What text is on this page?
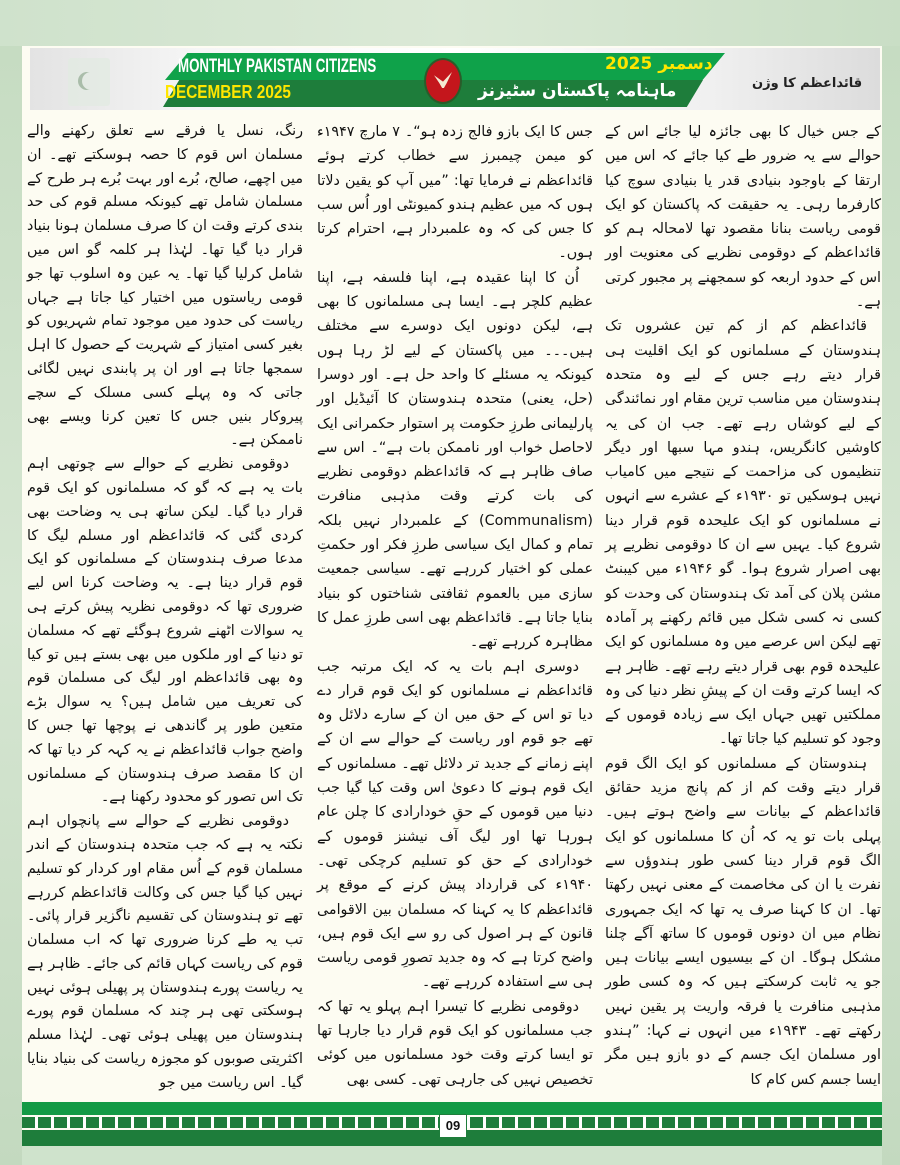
MONTHLY PAKISTAN CITIZENS
DECEMBER 2025
دسمبر 2025
ماہنامہ پاکستان سٹیزنز	قائداعظم کا وژن

کے جس خیال کا بھی جائزہ لیا جائے اس کے حوالے سے یہ ضرور طے کیا جائے کہ اس میں ارتقا کے باوجود بنیادی قدر یا بنیادی سوچ کیا کارفرما رہی۔ یہ حقیقت کہ پاکستان کو ایک قومی ریاست بنانا مقصود تھا لامحالہ ہم کو قائداعظم کے دوقومی نظریے کی معنویت اور اس کے حدود اربعہ کو سمجھنے پر مجبور کرتی ہے۔

قائداعظم کم از کم تین عشروں تک ہندوستان کے مسلمانوں کو ایک اقلیت ہی قرار دیتے رہے جس کے لیے وہ متحدہ ہندوستان میں مناسب ترین مقام اور نمائندگی کے لیے کوشاں رہے تھے۔ جب ان کی یہ کاوشیں کانگریس، ہندو مہا سبھا اور دیگر تنظیموں کی مزاحمت کے نتیجے میں کامیاب نہیں ہوسکیں تو ۱۹۳۰ء کے عشرے سے انہوں نے مسلمانوں کو ایک علیحدہ قوم قرار دینا شروع کیا۔ یہیں سے ان کا دوقومی نظریے پر بھی اصرار شروع ہوا۔ گو ۱۹۴۶ء میں کیبنٹ مشن پلان کی آمد تک ہندوستان کی وحدت کو کسی نہ کسی شکل میں قائم رکھنے پر آمادہ تھے لیکن اس عرصے میں وہ مسلمانوں کو ایک علیحدہ قوم بھی قرار دیتے رہے تھے۔ ظاہر ہے کہ ایسا کرتے وقت ان کے پیشِ نظر دنیا کی وہ مملکتیں تھیں جہاں ایک سے زیادہ قوموں کے وجود کو تسلیم کیا جاتا تھا۔

ہندوستان کے مسلمانوں کو ایک الگ قوم قرار دیتے وقت کم از کم پانچ مزید حقائق قائداعظم کے بیانات سے واضح ہوتے ہیں۔ پہلی بات تو یہ کہ اُن کا مسلمانوں کو ایک الگ قوم قرار دینا کسی طور ہندوؤں سے نفرت یا ان کی مخاصمت کے معنی نہیں رکھتا تھا۔ ان کا کہنا صرف یہ تھا کہ ایک جمہوری نظام میں ان دونوں قوموں کا ساتھ آگے چلنا مشکل ہوگا۔ ان کے بیسیوں ایسے بیانات ہیں جو یہ ثابت کرسکتے ہیں کہ وہ کسی طور مذہبی منافرت یا فرقہ واریت پر یقین نہیں رکھتے تھے۔ ۱۹۴۳ء میں انہوں نے کہا: ”ہندو اور مسلمان ایک جسم کے دو بازو ہیں مگر ایسا جسم کس کام کا

جس کا ایک بازو فالج زدہ ہو“۔ ۷ مارچ ۱۹۴۷ء کو میمن چیمبرز سے خطاب کرتے ہوئے قائداعظم نے فرمایا تھا: ”میں آپ کو یقین دلاتا ہوں کہ میں عظیم ہندو کمیونٹی اور اُس سب کا جس کی کہ وہ علمبردار ہے، احترام کرتا ہوں۔

اُن کا اپنا عقیدہ ہے، اپنا فلسفہ ہے، اپنا عظیم کلچر ہے۔ ایسا ہی مسلمانوں کا بھی ہے، لیکن دونوں ایک دوسرے سے مختلف ہیں۔۔۔ میں پاکستان کے لیے لڑ رہا ہوں کیونکہ یہ مسئلے کا واحد حل ہے۔ اور دوسرا (حل، یعنی) متحدہ ہندوستان کا آئیڈیل اور پارلیمانی طرزِ حکومت پر استوار حکمرانی ایک لاحاصل خواب اور ناممکن بات ہے“۔ اس سے صاف ظاہر ہے کہ قائداعظم دوقومی نظریے کی بات کرتے وقت مذہبی منافرت (Communalism) کے علمبردار نہیں بلکہ تمام و کمال ایک سیاسی طرزِ فکر اور حکمتِ عملی کو اختیار کررہے تھے۔ سیاسی جمعیت سازی میں بالعموم ثقافتی شناختوں کو بنیاد بنایا جاتا ہے۔ قائداعظم بھی اسی طرزِ عمل کا مظاہرہ کررہے تھے۔

دوسری اہم بات یہ کہ ایک مرتبہ جب قائداعظم نے مسلمانوں کو ایک قوم قرار دے دیا تو اس کے حق میں ان کے سارے دلائل وہ تھے جو قوم اور ریاست کے حوالے سے ان کے اپنے زمانے کے جدید تر دلائل تھے۔ مسلمانوں کے ایک قوم ہونے کا دعویٰ اس وقت کیا گیا جب دنیا میں قوموں کے حقِ خودارادی کا چلن عام ہورہا تھا اور لیگ آف نیشنز قوموں کے خودارادی کے حق کو تسلیم کرچکی تھی۔ ۱۹۴۰ء کی قرارداد پیش کرنے کے موقع پر قائداعظم کا یہ کہنا کہ مسلمان بین الاقوامی قانون کے ہر اصول کی رو سے ایک قوم ہیں، واضح کرتا ہے کہ وہ جدید تصورِ قومی ریاست ہی سے استفادہ کررہے تھے۔

دوقومی نظریے کا تیسرا اہم پہلو یہ تھا کہ جب مسلمانوں کو ایک قوم قرار دیا جارہا تھا تو ایسا کرتے وقت خود مسلمانوں میں کوئی تخصیص نہیں کی جارہی تھی۔ کسی بھی

رنگ، نسل یا فرقے سے تعلق رکھنے والے مسلمان اس قوم کا حصہ ہوسکتے تھے۔ ان میں اچھے، صالح، بُرے اور بہت بُرے ہر طرح کے مسلمان شامل تھے کیونکہ مسلم قوم کی حد بندی کرتے وقت ان کا صرف مسلمان ہونا بنیاد قرار دیا گیا تھا۔ لہٰذا ہر کلمہ گو اس میں شامل کرلیا گیا تھا۔ یہ عین وہ اسلوب تھا جو قومی ریاستوں میں اختیار کیا جاتا ہے جہاں ریاست کی حدود میں موجود تمام شہریوں کو بغیر کسی امتیاز کے شہریت کے حصول کا اہل سمجھا جاتا ہے اور ان پر پابندی نہیں لگائی جاتی کہ وہ پہلے کسی مسلک کے سچے پیروکار بنیں جس کا تعین کرنا ویسے بھی ناممکن ہے۔

دوقومی نظریے کے حوالے سے چوتھی اہم بات یہ ہے کہ گو کہ مسلمانوں کو ایک قوم قرار دیا گیا۔ لیکن ساتھ ہی یہ وضاحت بھی کردی گئی کہ قائداعظم اور مسلم لیگ کا مدعا صرف ہندوستان کے مسلمانوں کو ایک قوم قرار دینا ہے۔ یہ وضاحت کرنا اس لیے ضروری تھا کہ دوقومی نظریہ پیش کرتے ہی یہ سوالات اٹھنے شروع ہوگئے تھے کہ مسلمان تو دنیا کے اور ملکوں میں بھی بستے ہیں تو کیا وہ بھی قائداعظم اور لیگ کی مسلمان قوم کی تعریف میں شامل ہیں؟ یہ سوال بڑے متعین طور پر گاندھی نے پوچھا تھا جس کا واضح جواب قائداعظم نے یہ کہہ کر دیا تھا کہ ان کا مقصد صرف ہندوستان کے مسلمانوں تک اس تصور کو محدود رکھنا ہے۔

دوقومی نظریے کے حوالے سے پانچواں اہم نکتہ یہ ہے کہ جب متحدہ ہندوستان کے اندر مسلمان قوم کے اُس مقام اور کردار کو تسلیم نہیں کیا گیا جس کی وکالت قائداعظم کررہے تھے تو ہندوستان کی تقسیم ناگزیر قرار پائی۔ تب یہ طے کرنا ضروری تھا کہ اب مسلمان قوم کی ریاست کہاں قائم کی جائے۔ ظاہر ہے یہ ریاست پورے ہندوستان پر پھیلی ہوئی نہیں ہوسکتی تھی ہر چند کہ مسلمان قوم پورے ہندوستان میں پھیلی ہوئی تھی۔ لہٰذا مسلم اکثریتی صوبوں کو مجوزہ ریاست کی بنیاد بنایا گیا۔ اس ریاست میں جو

09
